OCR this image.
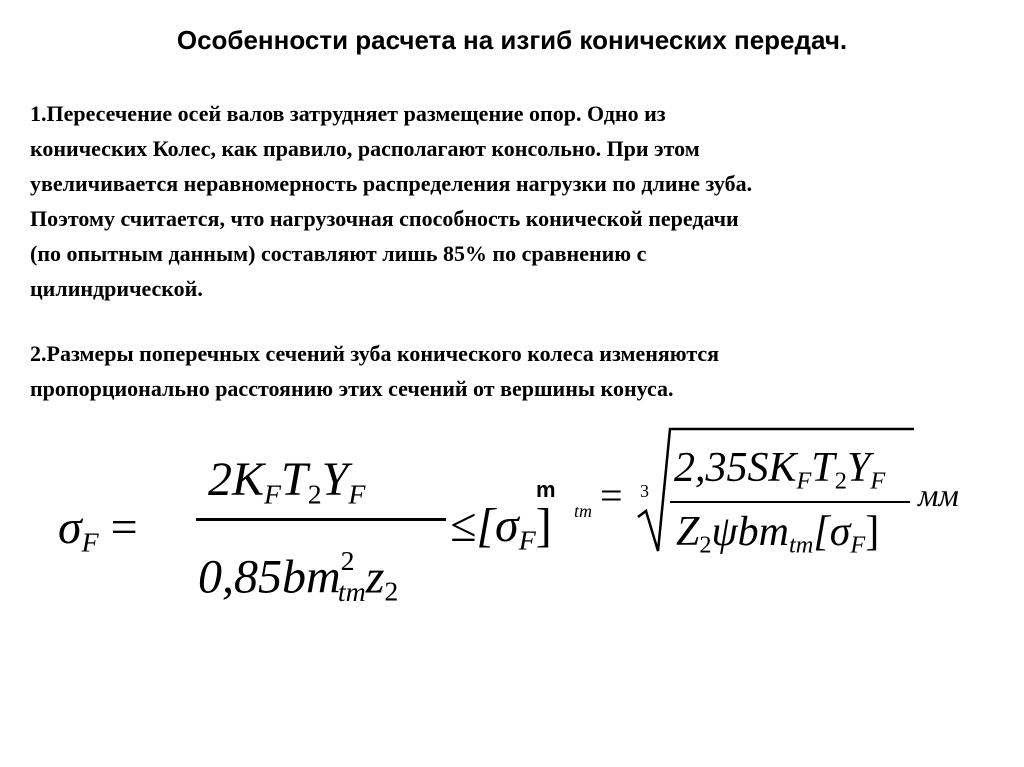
Особенности расчета на изгиб конических передач.
1.Пересечение осей валов затрудняет размещение опор. Одно из
конических Колес, как правило, располагают консольно. При этом
увеличивается неравномерность распределения нагрузки по длине зуба.
Поэтому считается, что нагрузочная способность конической передачи
(по опытным данным) составляют лишь 85% по сравнению с
цилиндрической.
2.Размеры поперечных сечений зуба конического колеса изменяются
пропорционально расстоянию этих сечений от вершины конуса.
$\sigma_F$ =
$2K_FT_2Y_F$
$0,85bm^2_{tm}z_2$
$\le[\sigma_F]$
m
tm = 3 $2,35SK_FT_2Y_F$
$Z_2\psi bm_{tm}[\sigma_F]$
мм
